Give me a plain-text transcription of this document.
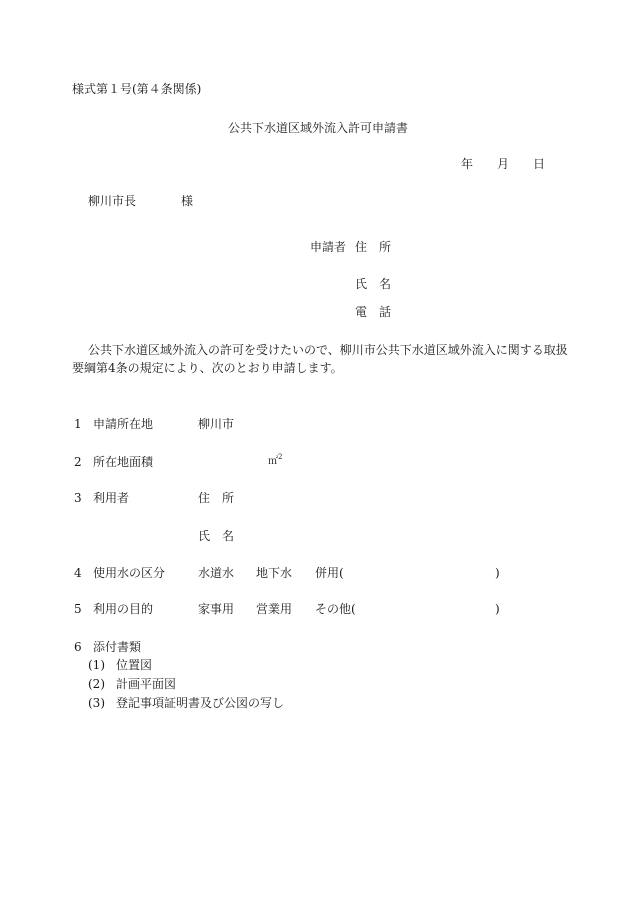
様式第１号(第４条関係)
公共下水道区域外流入許可申請書
年 月 日
柳川市長	様
申請者 住　所
氏　名
電　話
公共下水道区域外流入の許可を受けたいので、柳川市公共下水道区域外流入に関する取扱
要綱第4条の規定により、次のとおり申請します。
1 申請所在地	柳川市
2 所在地面積	㎡$^2$
3 利用者	住　所
氏　名
4 使用水の区分	水道水 地下水 併用(	)
5 利用の目的	家事用 営業用 その他(	)
6 添付書類
(1) 位置図
(2) 計画平面図
(3) 登記事項証明書及び公図の写し
